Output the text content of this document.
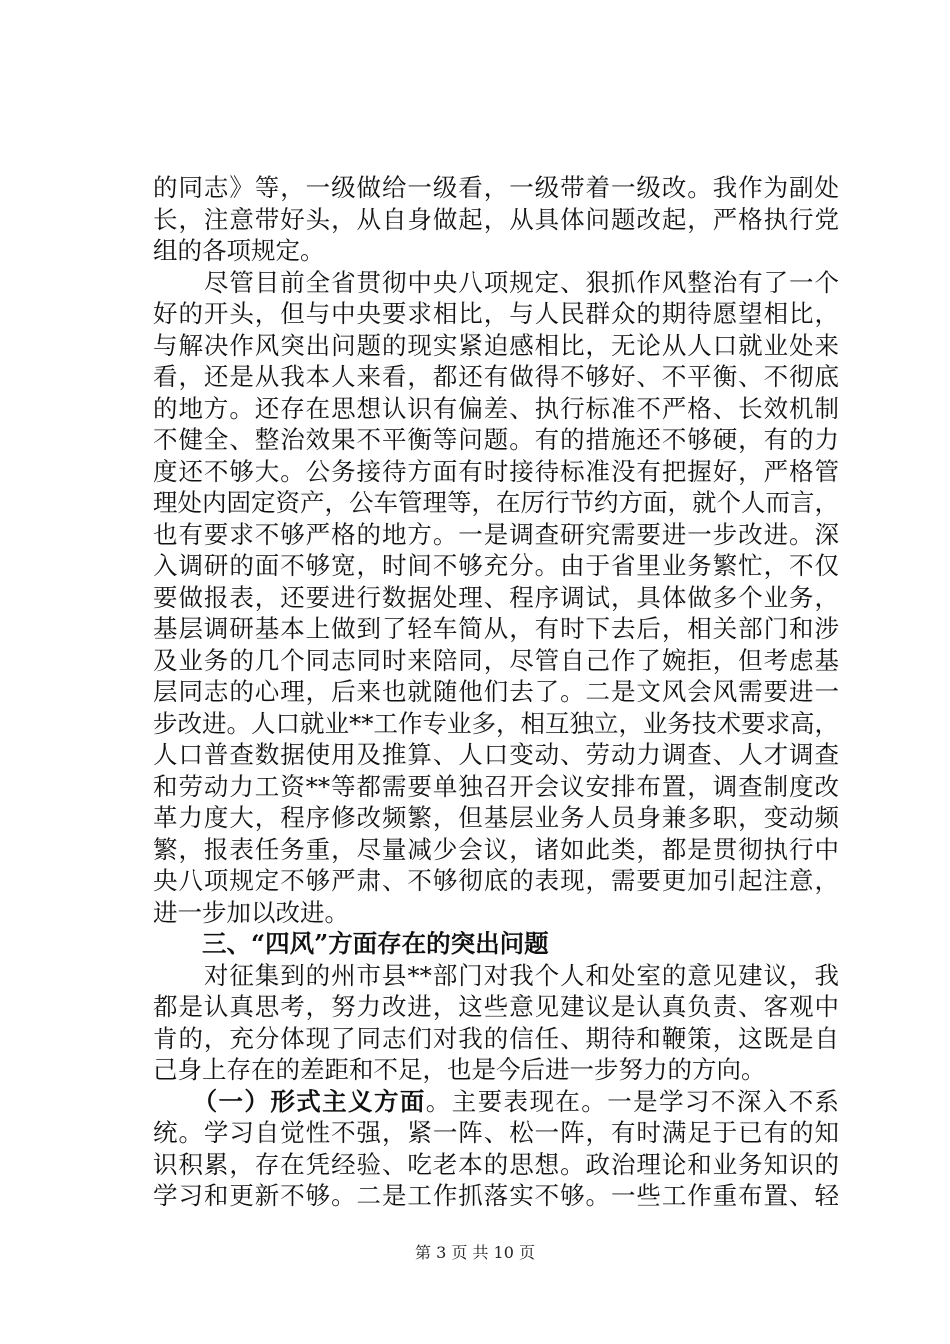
的同志》等，一级做给一级看，一级带着一级改。我作为副处
长，注意带好头，从自身做起，从具体问题改起，严格执行党
组的各项规定。
　　尽管目前全省贯彻中央八项规定、狠抓作风整治有了一个
好的开头，但与中央要求相比，与人民群众的期待愿望相比，
与解决作风突出问题的现实紧迫感相比，无论从人口就业处来
看，还是从我本人来看，都还有做得不够好、不平衡、不彻底
的地方。还存在思想认识有偏差、执行标准不严格、长效机制
不健全、整治效果不平衡等问题。有的措施还不够硬，有的力
度还不够大。公务接待方面有时接待标准没有把握好，严格管
理处内固定资产，公车管理等，在厉行节约方面，就个人而言，
也有要求不够严格的地方。一是调查研究需要进一步改进。深
入调研的面不够宽，时间不够充分。由于省里业务繁忙，不仅
要做报表，还要进行数据处理、程序调试，具体做多个业务，
基层调研基本上做到了轻车简从，有时下去后，相关部门和涉
及业务的几个同志同时来陪同，尽管自己作了婉拒，但考虑基
层同志的心理，后来也就随他们去了。二是文风会风需要进一
步改进。人口就业**工作专业多，相互独立，业务技术要求高，
人口普查数据使用及推算、人口变动、劳动力调查、人才调查
和劳动力工资**等都需要单独召开会议安排布置，调查制度改
革力度大，程序修改频繁，但基层业务人员身兼多职，变动频
繁，报表任务重，尽量减少会议，诸如此类，都是贯彻执行中
央八项规定不够严肃、不够彻底的表现，需要更加引起注意，
进一步加以改进。
　　三、“四风”方面存在的突出问题
　　对征集到的州市县**部门对我个人和处室的意见建议，我
都是认真思考，努力改进，这些意见建议是认真负责、客观中
肯的，充分体现了同志们对我的信任、期待和鞭策，这既是自
己身上存在的差距和不足，也是今后进一步努力的方向。
　　（一）形式主义方面。主要表现在。一是学习不深入不系
统。学习自觉性不强，紧一阵、松一阵，有时满足于已有的知
识积累，存在凭经验、吃老本的思想。政治理论和业务知识的
学习和更新不够。二是工作抓落实不够。一些工作重布置、轻
第 3 页 共 10 页
